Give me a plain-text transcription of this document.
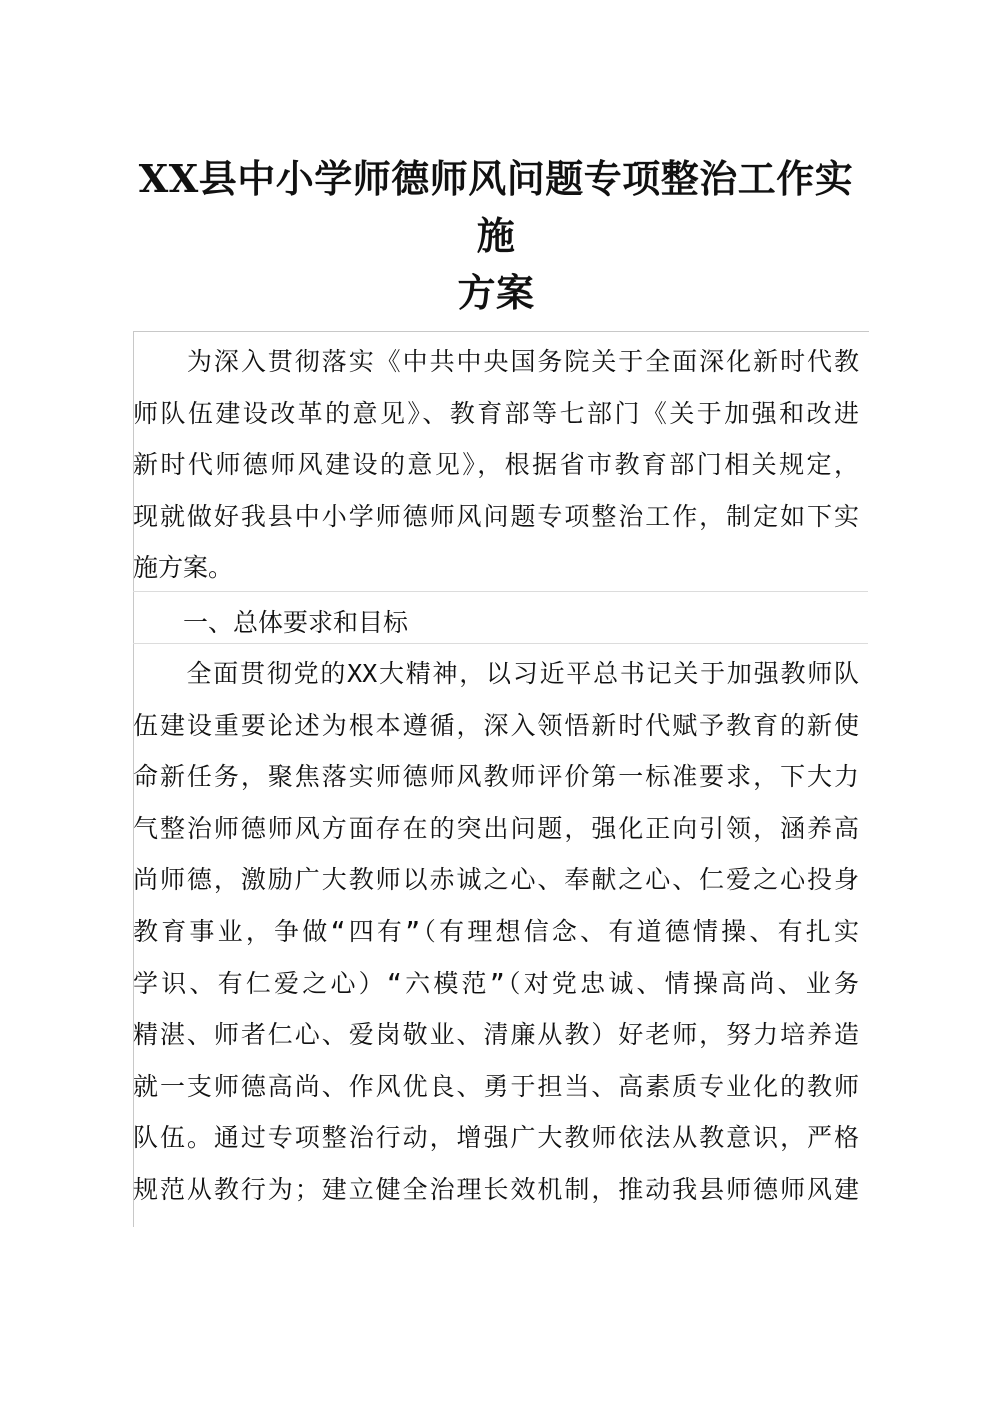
XX县中小学师德师风问题专项整治工作实施
方案

　　为深入贯彻落实《中共中央国务院关于全面深化新时代教
师队伍建设改革的意见》、教育部等七部门《关于加强和改进
新时代师德师风建设的意见》，根据省市教育部门相关规定，
现就做好我县中小学师德师风问题专项整治工作，制定如下实
施方案。

　　一、总体要求和目标

　　全面贯彻党的XX大精神，以习近平总书记关于加强教师队
伍建设重要论述为根本遵循，深入领悟新时代赋予教育的新使
命新任务，聚焦落实师德师风教师评价第一标准要求，下大力
气整治师德师风方面存在的突出问题，强化正向引领，涵养高
尚师德，激励广大教师以赤诚之心、奉献之心、仁爱之心投身
教育事业，争做“四有”（有理想信念、有道德情操、有扎实
学识、有仁爱之心）“六模范”（对党忠诚、情操高尚、业务
精湛、师者仁心、爱岗敬业、清廉从教）好老师，努力培养造
就一支师德高尚、作风优良、勇于担当、高素质专业化的教师
队伍。通过专项整治行动，增强广大教师依法从教意识，严格
规范从教行为；建立健全治理长效机制，推动我县师德师风建
